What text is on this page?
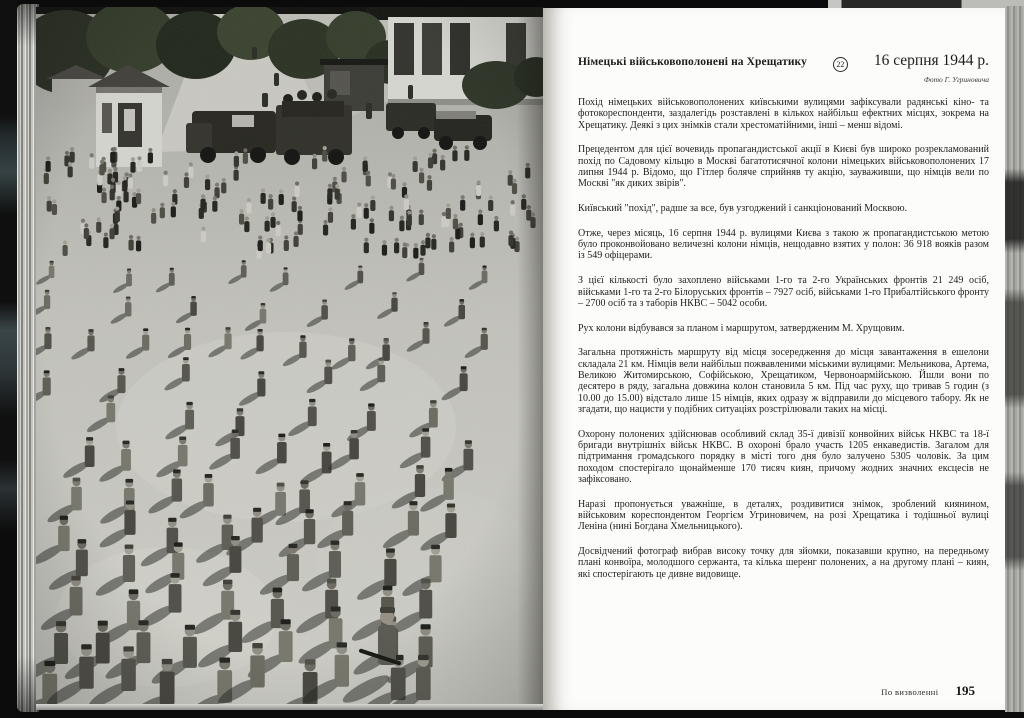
Німецькі військовополонені на Хрещатику	22	16 серпня 1944 р.
Фото Г. Угриновича

Похід німецьких військовополонених київськими вулицями зафіксували радянські кіно- та фотокореспонденти, заздалегідь розставлені в кількох найбільш ефектних місцях, зокрема на Хрещатику. Деякі з цих знімків стали хрестоматійними, інші – менш відомі.

Прецедентом для цієї вочевидь пропагандистської акції в Києві був широко розрекламований похід по Садовому кільцю в Москві багатотисячної колони німецьких військовополонених 17 липня 1944 р. Відомо, що Гітлер боляче сприйняв ту акцію, зауваживши, що німців вели по Москві "як диких звірів".

Київський "похід", радше за все, був узгоджений і санкціонований Москвою.

Отже, через місяць, 16 серпня 1944 р. вулицями Києва з такою ж пропагандистською метою було проконвойовано величезні колони німців, нещодавно взятих у полон: 36 918 вояків разом із 549 офіцерами.

З цієї кількості було захоплено військами 1-го та 2-го Українських фронтів 21 249 осіб, військами 1-го та 2-го Білоруських фронтів – 7927 осіб, військами 1-го Прибалтійського фронту – 2700 осіб та з таборів НКВС – 5042 особи.

Рух колони відбувався за планом і маршрутом, затвердженим М. Хрущовим.

Загальна протяжність маршруту від місця зосередження до місця завантаження в ешелони складала 21 км. Німців вели найбільш пожвавленими міськими вулицями: Мельникова, Артема, Великою Житомирською, Софійською, Хрещатиком, Червоноармійською. Йшли вони по десятеро в ряду, загальна довжина колон становила 5 км. Під час руху, що тривав 5 годин (з 10.00 до 15.00) відстало лише 15 німців, яких одразу ж відправили до місцевого табору. Як не згадати, що нацисти у подібних ситуаціях розстрілювали таких на місці.

Охорону полонених здійснював особливий склад 35-ї дивізії конвойних військ НКВС та 18-ї бригади внутрішніх військ НКВС. В охороні брало участь 1205 енкаведистів. Загалом для підтримання громадського порядку в місті того дня було залучено 5305 чоловік. За цим походом спостерігало щонайменше 170 тисяч киян, причому жодних значних ексцесів не зафіксовано.

Наразі пропонується уважніше, в деталях, роздивитися знімок, зроблений киянином, військовим кореспондентом Георгієм Угриновичем, на розі Хрещатика і тодішньої вулиці Леніна (нині Богдана Хмельницького).

Досвідчений фотограф вибрав високу точку для зйомки, показавши крупно, на передньому плані конвоїра, молодшого сержанта, та кілька шеренг полонених, а на другому плані – киян, які спостерігають це дивне видовище.

По визволенні 195
